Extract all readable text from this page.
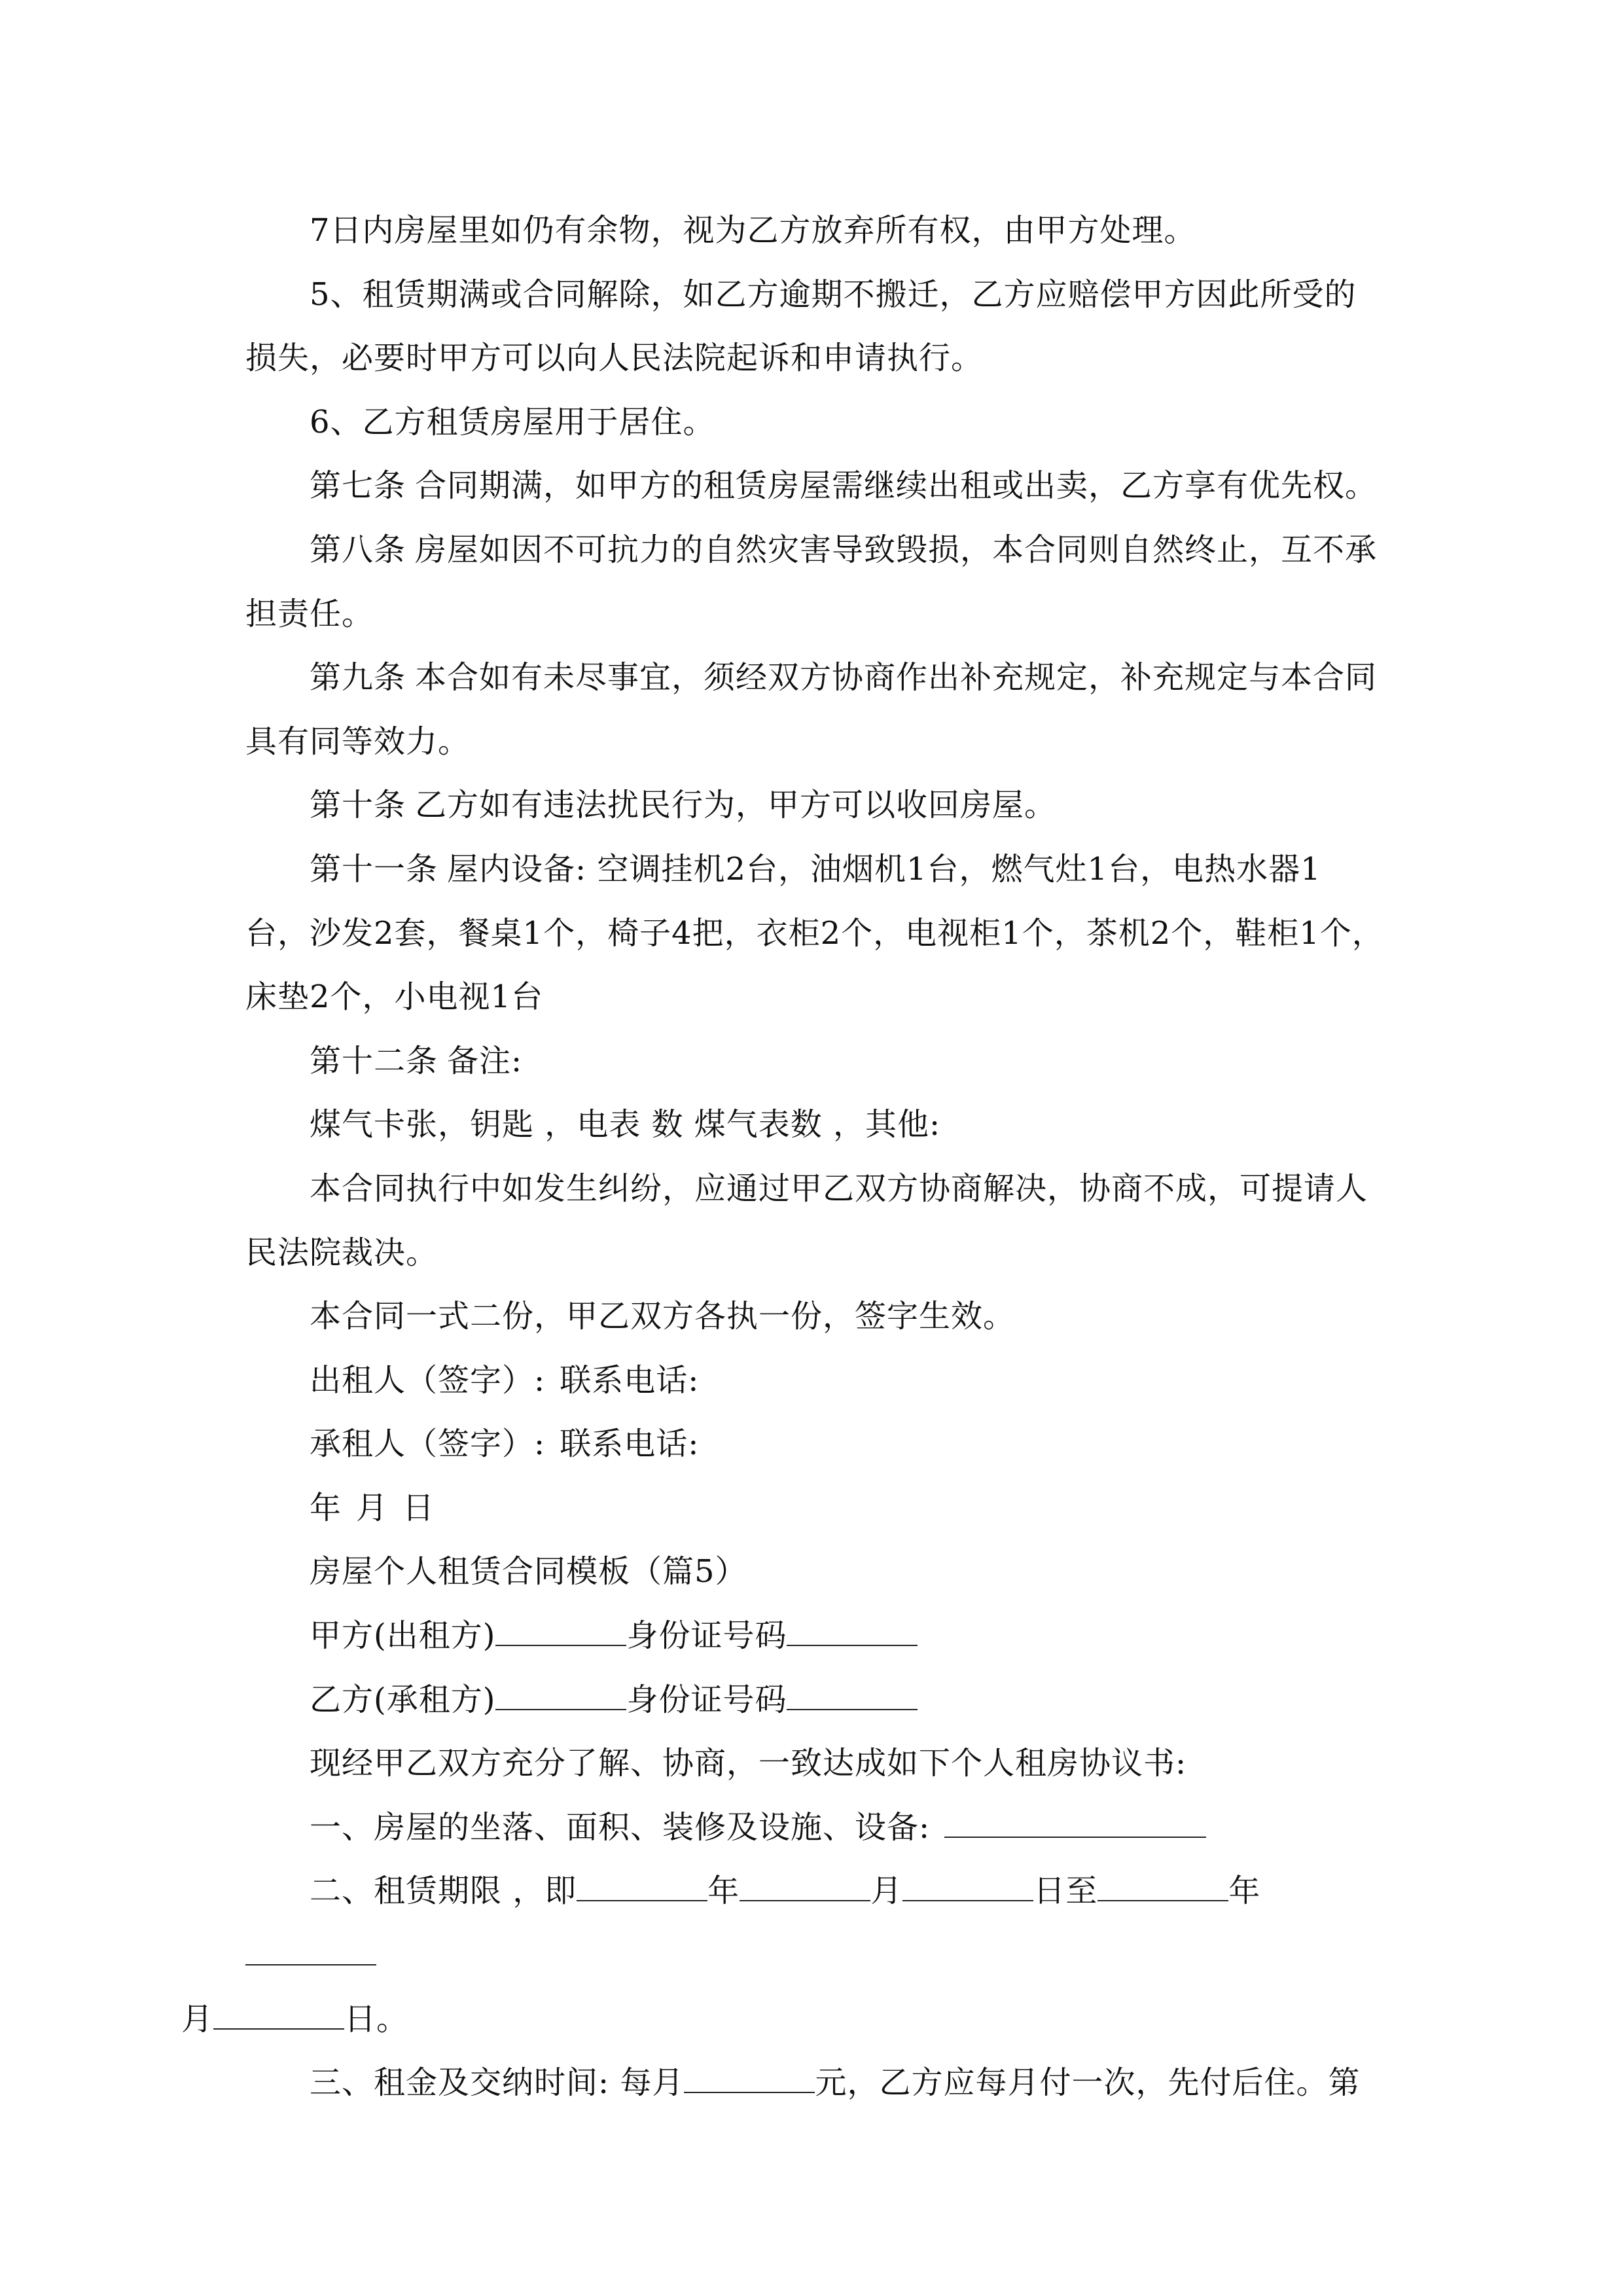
7日内房屋里如仍有余物，视为乙方放弃所有权，由甲方处理。

5、租赁期满或合同解除，如乙方逾期不搬迁，乙方应赔偿甲方因此所受的损失，必要时甲方可以向人民法院起诉和申请执行。

6、乙方租赁房屋用于居住。

第七条 合同期满，如甲方的租赁房屋需继续出租或出卖，乙方享有优先权。

第八条 房屋如因不可抗力的自然灾害导致毁损，本合同则自然终止，互不承担责任。

第九条 本合如有未尽事宜，须经双方协商作出补充规定，补充规定与本合同具有同等效力。

第十条 乙方如有违法扰民行为，甲方可以收回房屋。

第十一条 屋内设备: 空调挂机2台，油烟机1台，燃气灶1台，电热水器1台，沙发2套，餐桌1个，椅子4把，衣柜2个，电视柜1个，茶机2个，鞋柜1个，床垫2个，小电视1台

第十二条 备注:

煤气卡张，钥匙 ，电表 数 煤气表数 ，其他:

本合同执行中如发生纠纷，应通过甲乙双方协商解决，协商不成，可提请人民法院裁决。

本合同一式二份，甲乙双方各执一份，签字生效。

出租人（签字）: 联系电话:

承租人（签字）: 联系电话:

年 月 日

房屋个人租赁合同模板（篇5）

甲方(出租方)	身份证号码

乙方(承租方)	身份证号码

现经甲乙双方充分了解、协商，一致达成如下个人租房协议书:

一、房屋的坐落、面积、装修及设施、设备:

二、租赁期限 ，即	年	月	日至	年
月	日。

三、租金及交纳时间: 每月	元，乙方应每月付一次，先付后住。第
